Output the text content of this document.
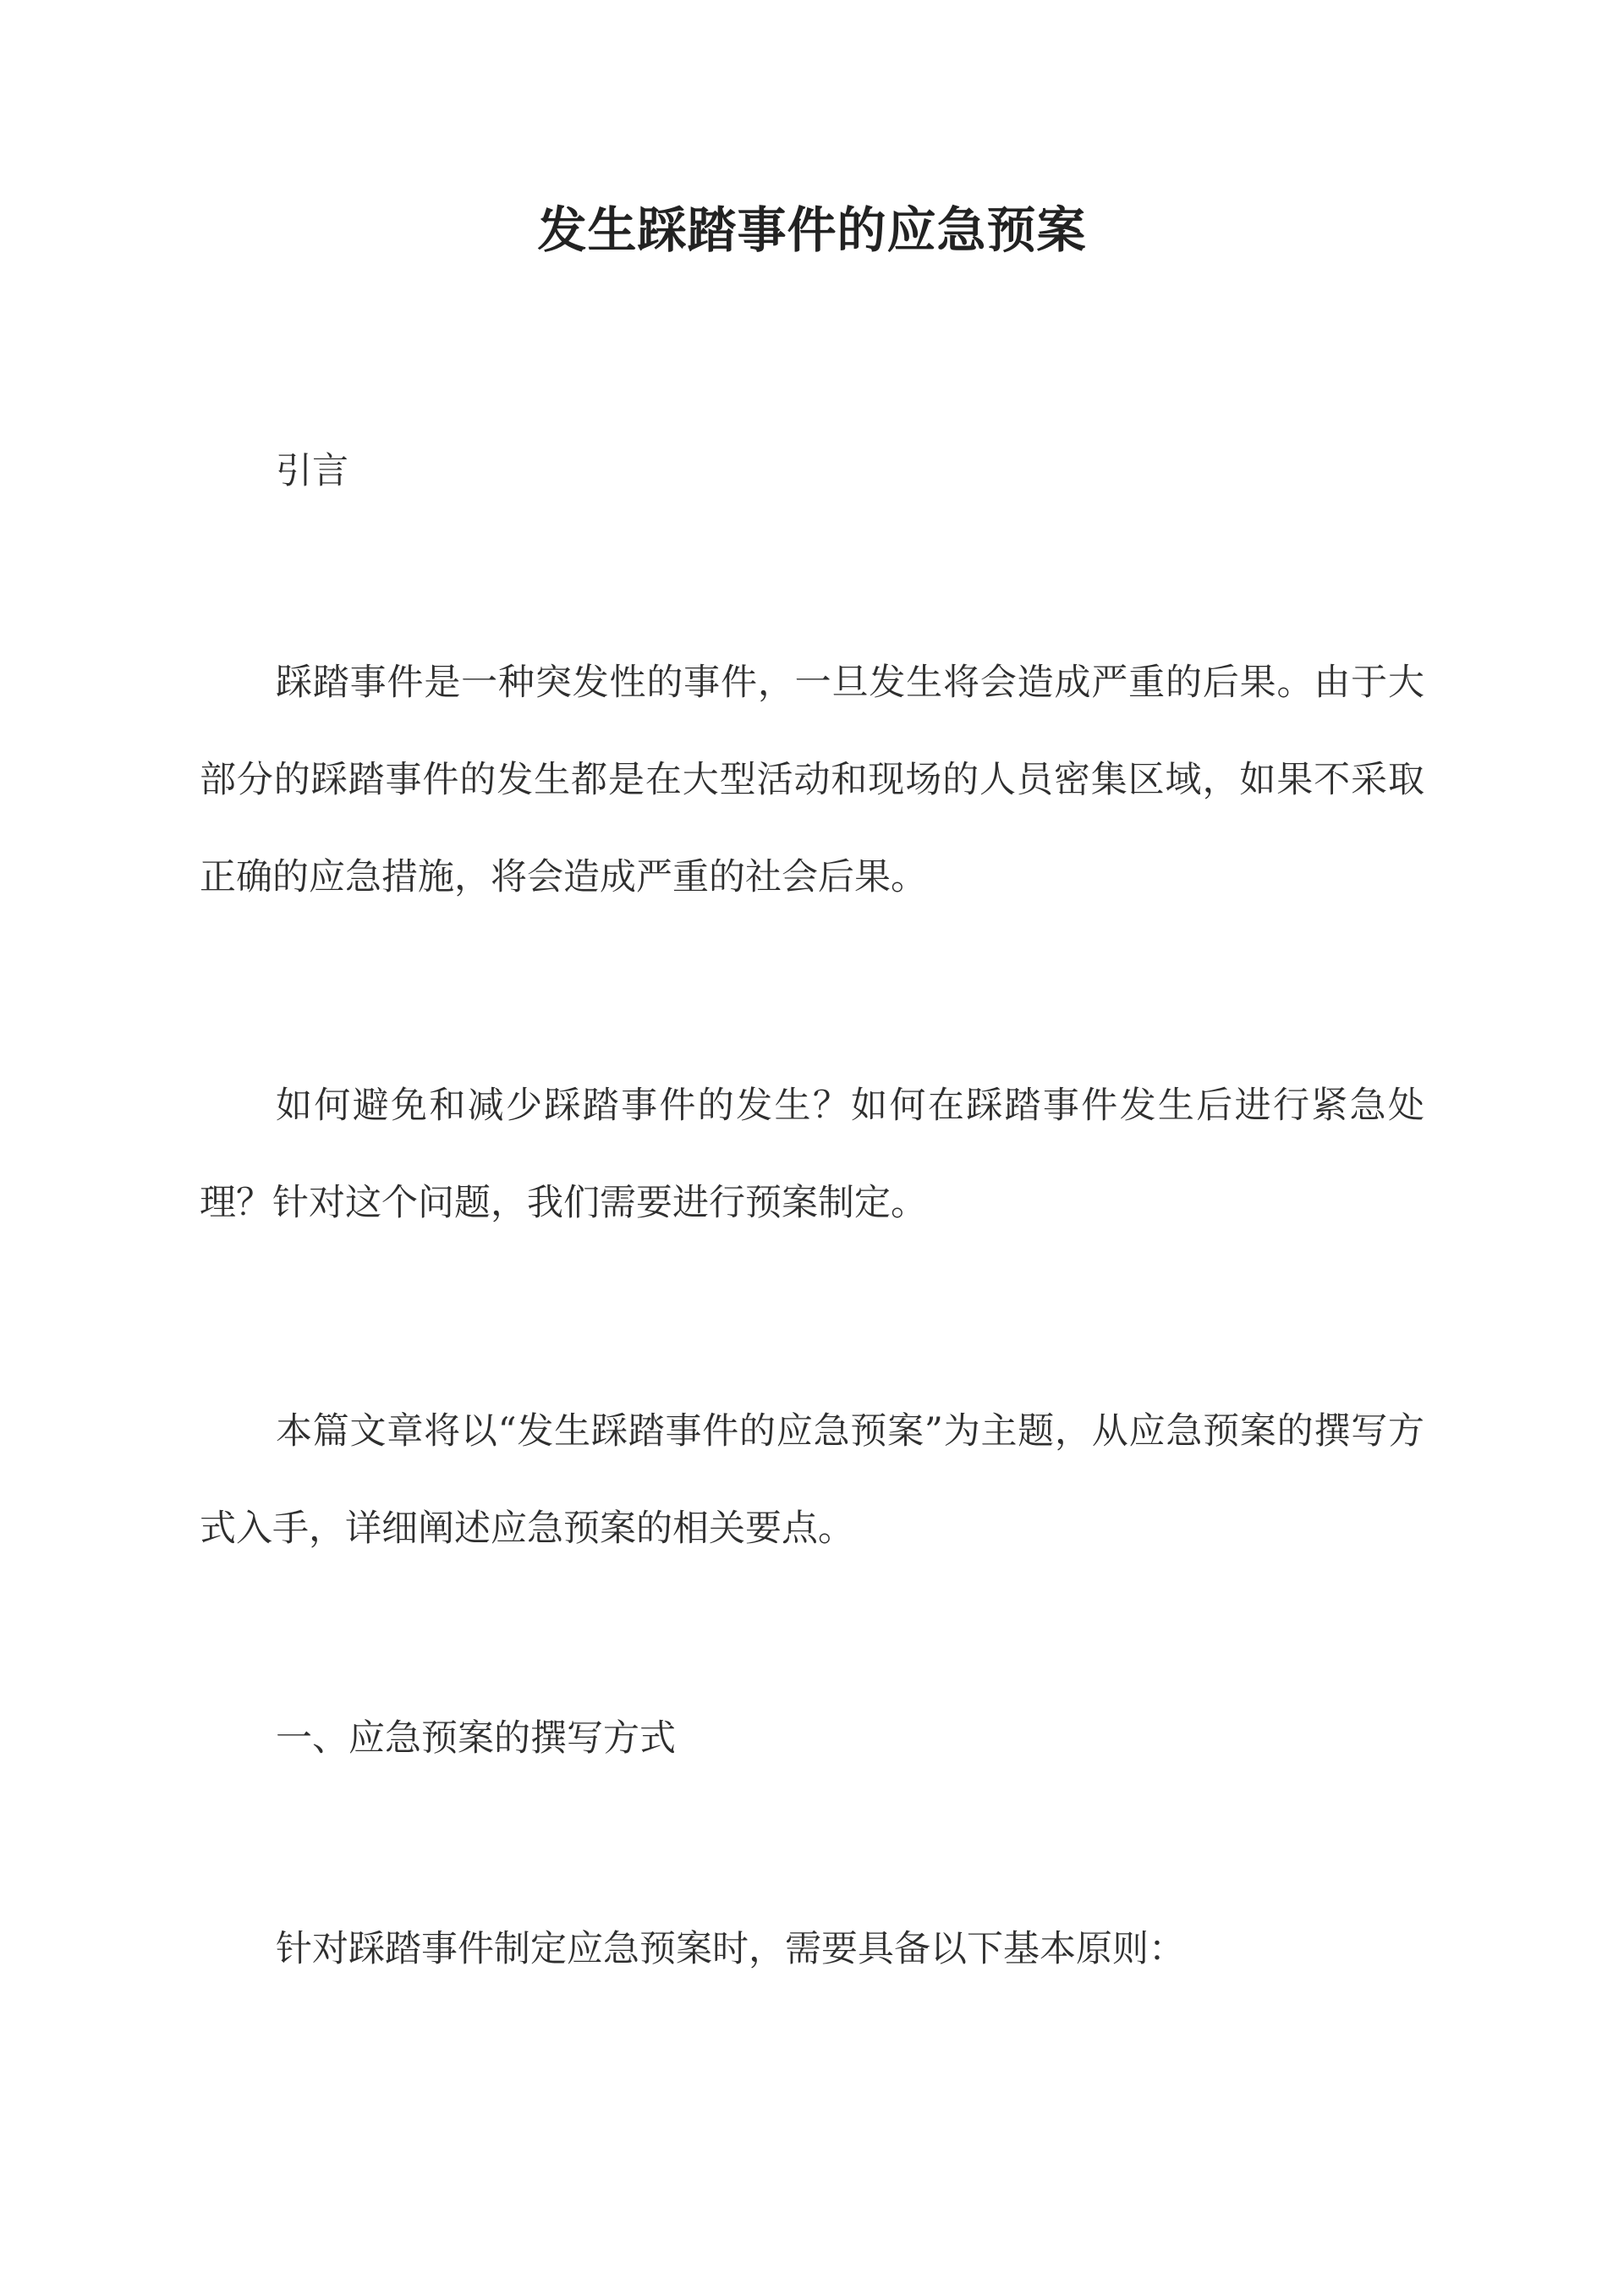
发生踩踏事件的应急预案
引言
踩踏事件是一种突发性的事件，一旦发生将会造成严重的后果。由于大部分的踩踏事件的发生都是在大型活动和现场的人员密集区域，如果不采取正确的应急措施，将会造成严重的社会后果。
如何避免和减少踩踏事件的发生？如何在踩踏事件发生后进行紧急处理？针对这个问题，我们需要进行预案制定。
本篇文章将以“发生踩踏事件的应急预案”为主题，从应急预案的撰写方式入手，详细阐述应急预案的相关要点。
一、应急预案的撰写方式
针对踩踏事件制定应急预案时，需要具备以下基本原则：
